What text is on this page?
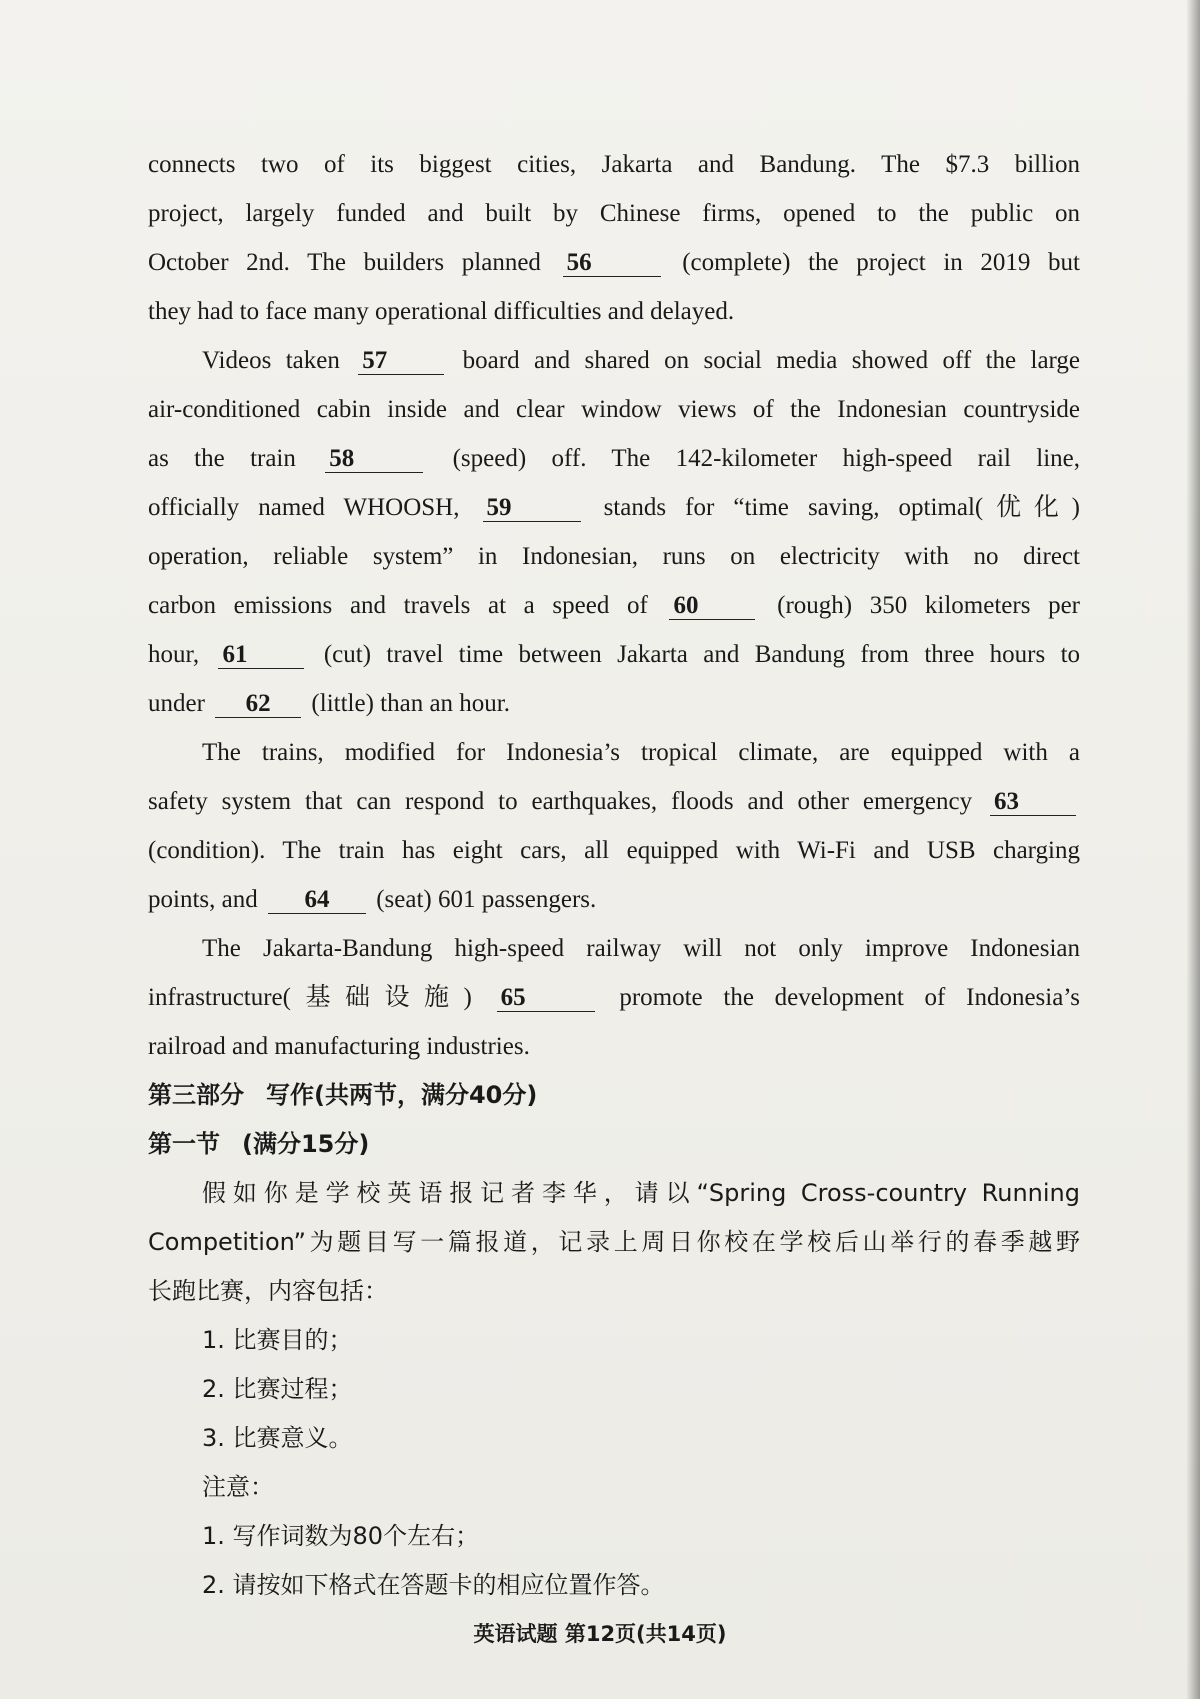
connects two of its biggest cities, Jakarta and Bandung. The $7.3 billion

project, largely funded and built by Chinese firms, opened to the public on

October 2nd. The builders planned 56	(complete) the project in 2019 but

they had to face many operational difficulties and delayed.

Videos taken 57	board and shared on social media showed off the large

air-conditioned cabin inside and clear window views of the Indonesian countryside

as the train 58	(speed) off. The 142-kilometer high-speed rail line,

officially named WHOOSH, 59	stands for “time saving, optimal(优化)

operation, reliable system” in Indonesian, runs on electricity with no direct

carbon emissions and travels at a speed of 60	(rough) 350 kilometers per

hour, 61	(cut) travel time between Jakarta and Bandung from three hours to

under 62 (little) than an hour.

The trains, modified for Indonesia’s tropical climate, are equipped with a

safety system that can respond to earthquakes, floods and other emergency 63

(condition). The train has eight cars, all equipped with Wi-Fi and USB charging

points, and 64 (seat) 601 passengers.

The Jakarta-Bandung high-speed railway will not only improve Indonesian

infrastructure(基础设施) 65	promote the development of Indonesia’s

railroad and manufacturing industries.

第三部分 写作(共两节，满分40分)

第一节 (满分15分)

假如你是学校英语报记者李华，请以“Spring Cross-country Running

Competition”为题目写一篇报道，记录上周日你校在学校后山举行的春季越野

长跑比赛，内容包括：

1. 比赛目的；

2. 比赛过程；

3. 比赛意义。

注意：

1. 写作词数为80个左右；

2. 请按如下格式在答题卡的相应位置作答。

英语试题 第12页(共14页)
